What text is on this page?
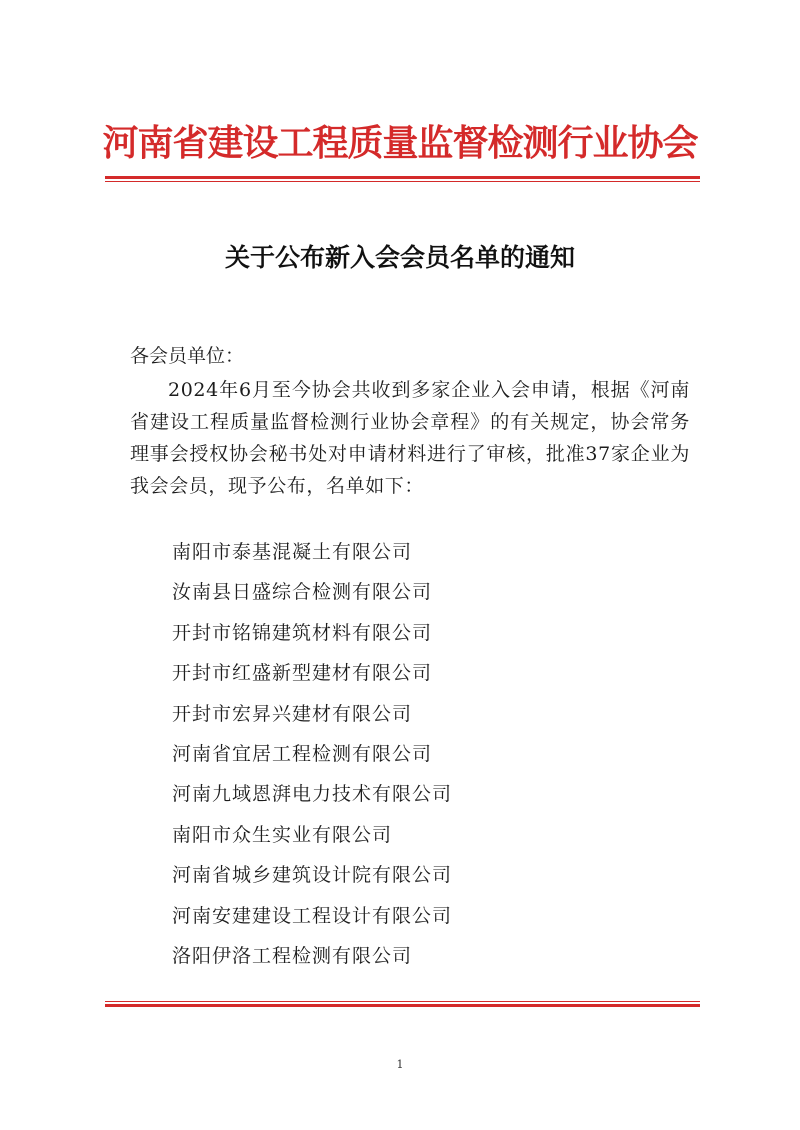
河南省建设工程质量监督检测行业协会
关于公布新入会会员名单的通知
各会员单位：
2024年6月至今协会共收到多家企业入会申请，根据《河南省建设工程质量监督检测行业协会章程》的有关规定，协会常务理事会授权协会秘书处对申请材料进行了审核，批准37家企业为我会会员，现予公布，名单如下：
南阳市泰基混凝土有限公司
汝南县日盛综合检测有限公司
开封市铭锦建筑材料有限公司
开封市红盛新型建材有限公司
开封市宏昇兴建材有限公司
河南省宜居工程检测有限公司
河南九域恩湃电力技术有限公司
南阳市众生实业有限公司
河南省城乡建筑设计院有限公司
河南安建建设工程设计有限公司
洛阳伊洛工程检测有限公司
1
